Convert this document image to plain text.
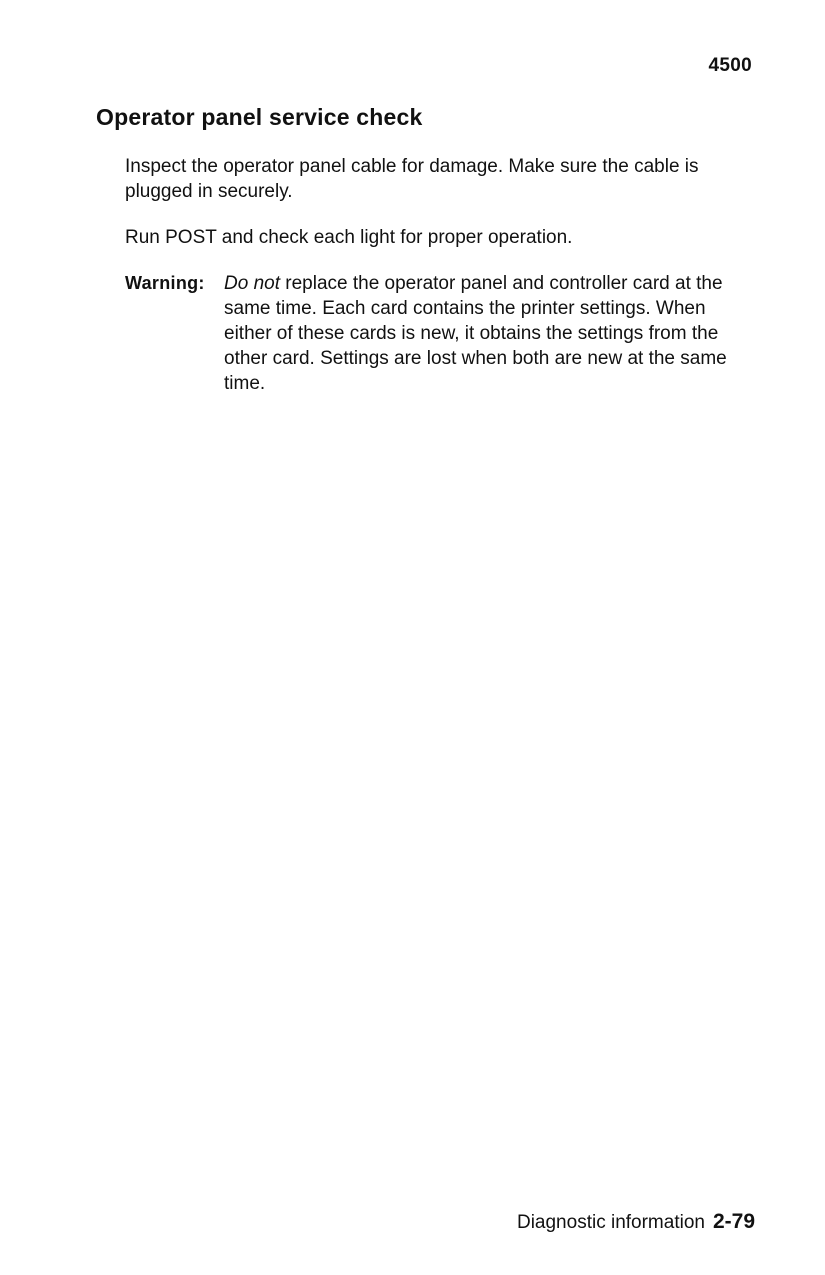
4500
Operator panel service check

Inspect the operator panel cable for damage. Make sure the cable is plugged in securely.

Run POST and check each light for proper operation.

Warning: Do not replace the operator panel and controller card at the same time. Each card contains the printer settings. When either of these cards is new, it obtains the settings from the other card. Settings are lost when both are new at the same time.
Diagnostic information 2-79
